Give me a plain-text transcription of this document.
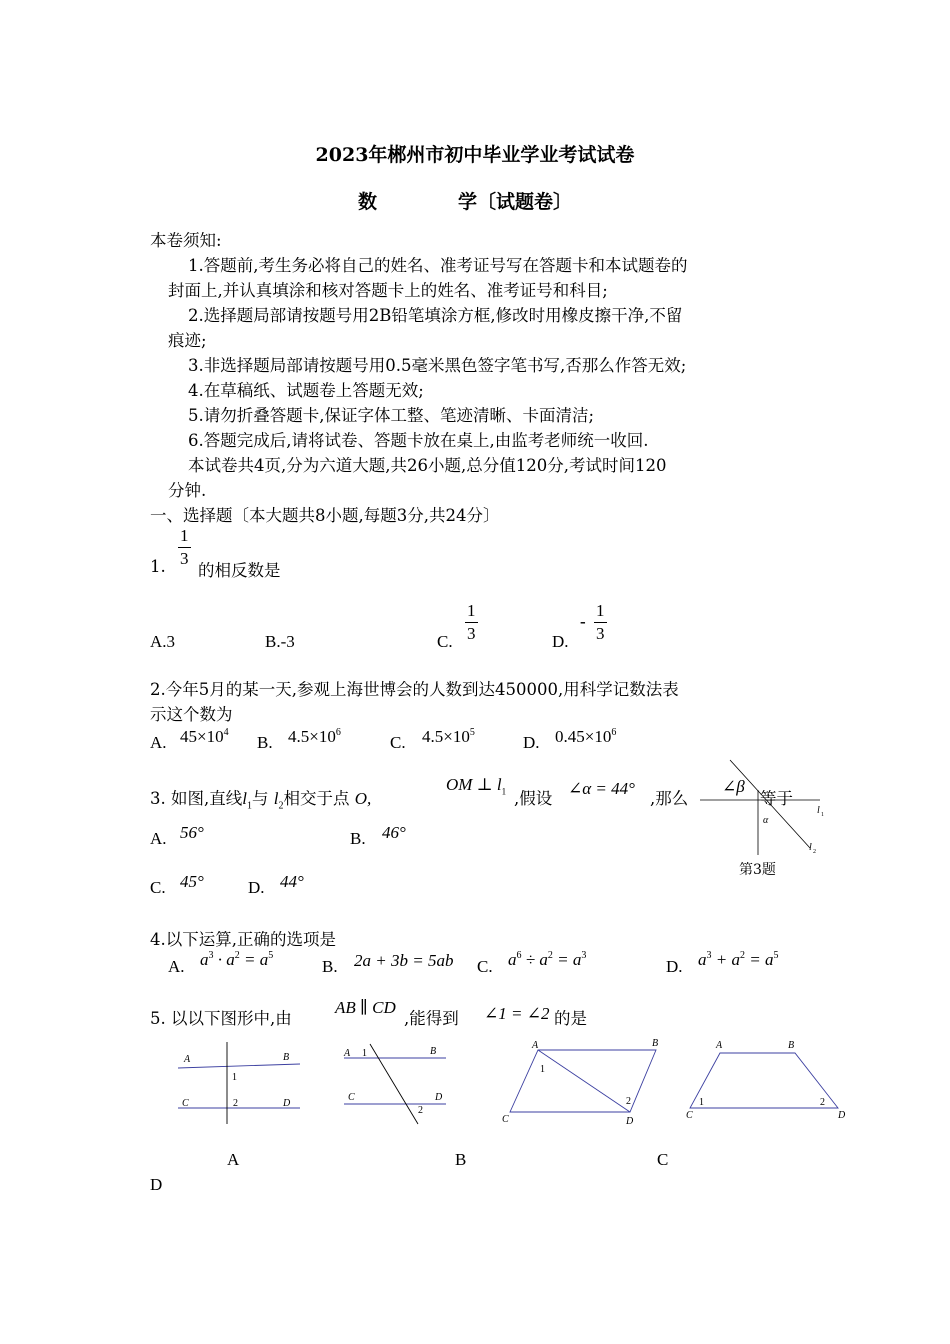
2023年郴州市初中毕业学业考试试卷
数	学〔试题卷〕
本卷须知:
1.答题前,考生务必将自己的姓名、准考证号写在答题卡和本试题卷的
封面上,并认真填涂和核对答题卡上的姓名、准考证号和科目;
2.选择题局部请按题号用2B铅笔填涂方框,修改时用橡皮擦干净,不留
痕迹;
3.非选择题局部请按题号用0.5毫米黑色签字笔书写,否那么作答无效;
4.在草稿纸、试题卷上答题无效;
5.请勿折叠答题卡,保证字体工整、笔迹清晰、卡面清洁;
6.答题完成后,请将试卷、答题卡放在桌上,由监考老师统一收回.
本试卷共4页,分为六道大题,共26小题,总分值120分,考试时间120
分钟.
一、选择题〔本大题共8小题,每题3分,共24分〕
1. $\frac{1}{3}$
的相反数是
A.3	B.-3	C. $\frac{1}{3}$	D.
- $\frac{1}{3}$
2.今年5月的某一天,参观上海世博会的人数到达450000,用科学记数法表
示这个数为
A. $45\times 10^4$
B. $4.5\times 10^6$
C. $4.5\times 10^5$
D. $0.45\times 10^6$
3. 如图,直线$l_1$与 $l_2$相交于点 O,
OM ⊥ $l_1$ ,假设
∠α = 44°
,那么
∠β
等于
α
l 1
l 2
第3题
A. 56°	B. 46°
C. 45°	D. 44°
4.以下运算,正确的选项是
A. $a^3 \cdot a^2 = a^5$
B. 2a + 3b = 5ab C. $a^6 \div a^2 = a^3$
D. $a^3 + a^2 = a^5$
5. 以以下图形中,由
AB ∥ CD
,能得到 ∠1 = ∠2 的是
A	B
C	D
1
2
A
A	B
C	D
1
2
B
A	B
C	D
1
2
C
A	B
C	D
1	2
D
